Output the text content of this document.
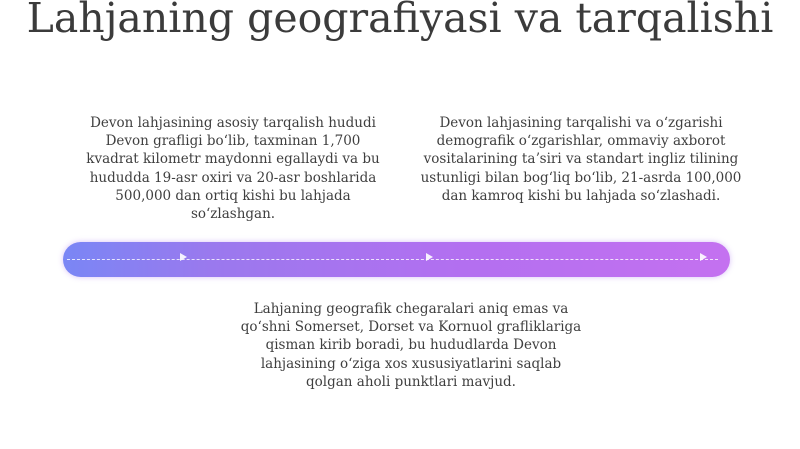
Lahjaning geografiyasi va tarqalishi

Devon lahjasining asosiy tarqalish hududi Devon grafligi boʻlib, taxminan 1,700 kvadrat kilometr maydonni egallaydi va bu hududda 19-asr oxiri va 20-asr boshlarida 500,000 dan ortiq kishi bu lahjada soʻzlashgan.

Devon lahjasining tarqalishi va oʻzgarishi demografik oʻzgarishlar, ommaviy axborot vositalarining taʼsiri va standart ingliz tilining ustunligi bilan bogʻliq boʻlib, 21-asrda 100,000 dan kamroq kishi bu lahjada soʻzlashadi.

Lahjaning geografik chegaralari aniq emas va qoʻshni Somerset, Dorset va Kornuol grafliklariga qisman kirib boradi, bu hududlarda Devon lahjasining oʻziga xos xususiyatlarini saqlab qolgan aholi punktlari mavjud.
